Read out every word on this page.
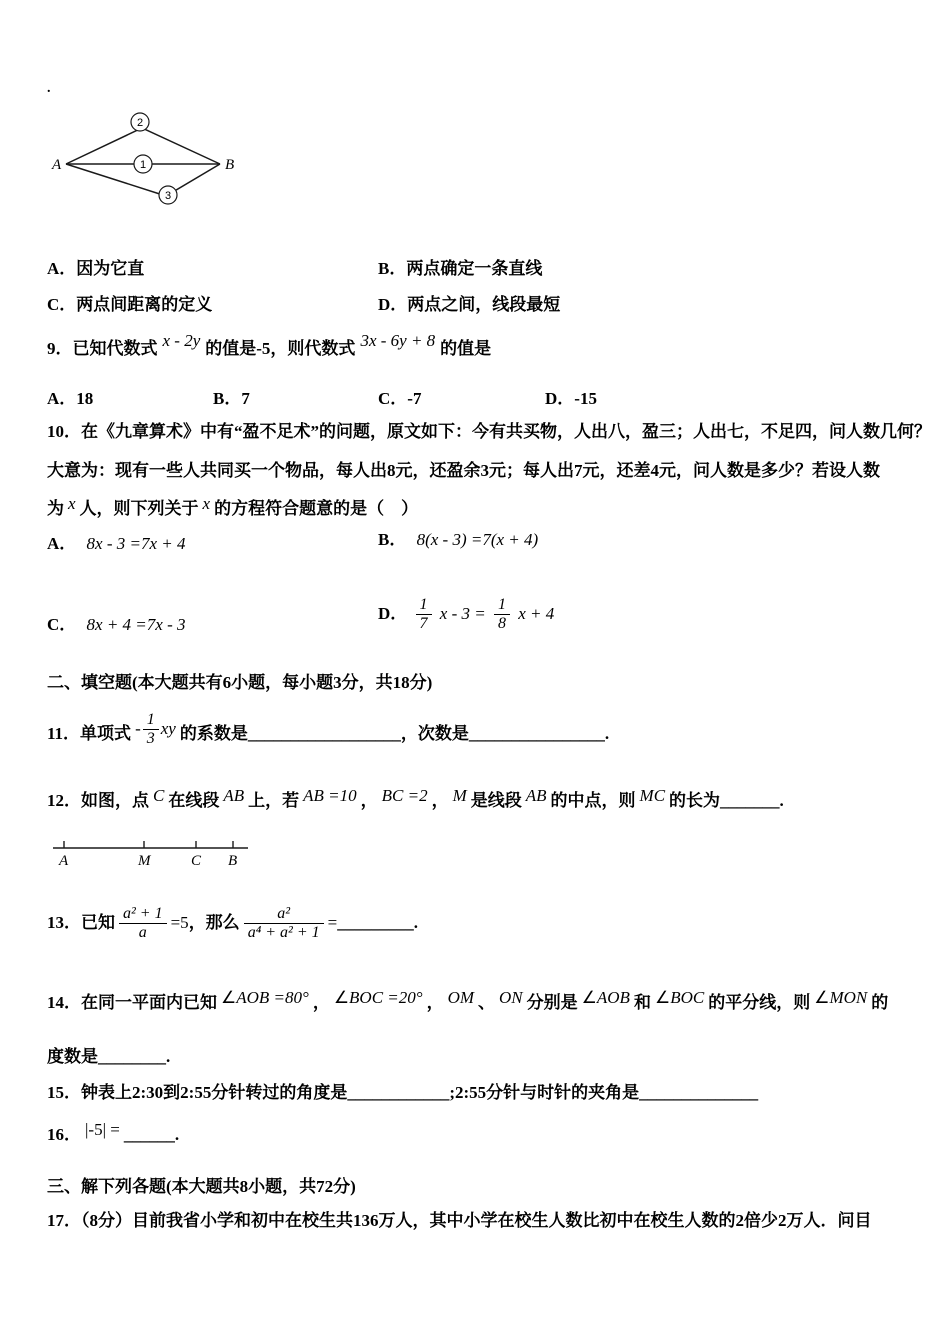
.
2
1
3
A	B
A．因为它直	B．两点确定一条直线
C．两点间距离的定义	D．两点之间，线段最短
9．已知代数式 x - 2y 的值是-5，则代数式 3x - 6y + 8 的值是
A．18	B．7	C．-7	D．-15
10．在《九章算术》中有“盈不足术”的问题，原文如下：今有共买物，人出八，盈三；人出七，不足四，问人数几何？
大意为：现有一些人共同买一个物品，每人出8元，还盈余3元；每人出7元，还差4元，问人数是多少？若设人数
为 x 人，则下列关于 x 的方程符合题意的是（　）
A． 8x - 3 =7x + 4	B． 8(x - 3) =7(x + 4)
C． 8x + 4 =7x - 3
D． $\frac{1}{7}$ $x - 3 = \frac{1}{8}$ x + 4
二、填空题(本大题共有6小题，每小题3分，共18分)
11．单项式 - $\frac{1}{3}$ xy 的系数是__________________，次数是________________.
12．如图，点 C 在线段 AB 上，若 AB =10 ， BC =2 ， M 是线段 AB 的中点，则 MC 的长为_______.
A	M	C B
13．已知 $\frac{\text{a² + 1}}{a} =5$，那么 $\frac{\text{a²}}{\text{a⁴ + a² + 1}}$ =_________.
14．在同一平面内已知 ∠AOB =80° ， ∠BOC =20° ， OM 、 ON 分别是 ∠AOB 和 ∠BOC 的平分线，则 ∠MON 的
度数是________.
15．钟表上2:30到2:55分针转过的角度是____________;2:55分针与时针的夹角是______________
16． |-5| = ______.
三、解下列各题(本大题共8小题，共72分)
17．（8分）目前我省小学和初中在校生共136万人，其中小学在校生人数比初中在校生人数的2倍少2万人．问目
